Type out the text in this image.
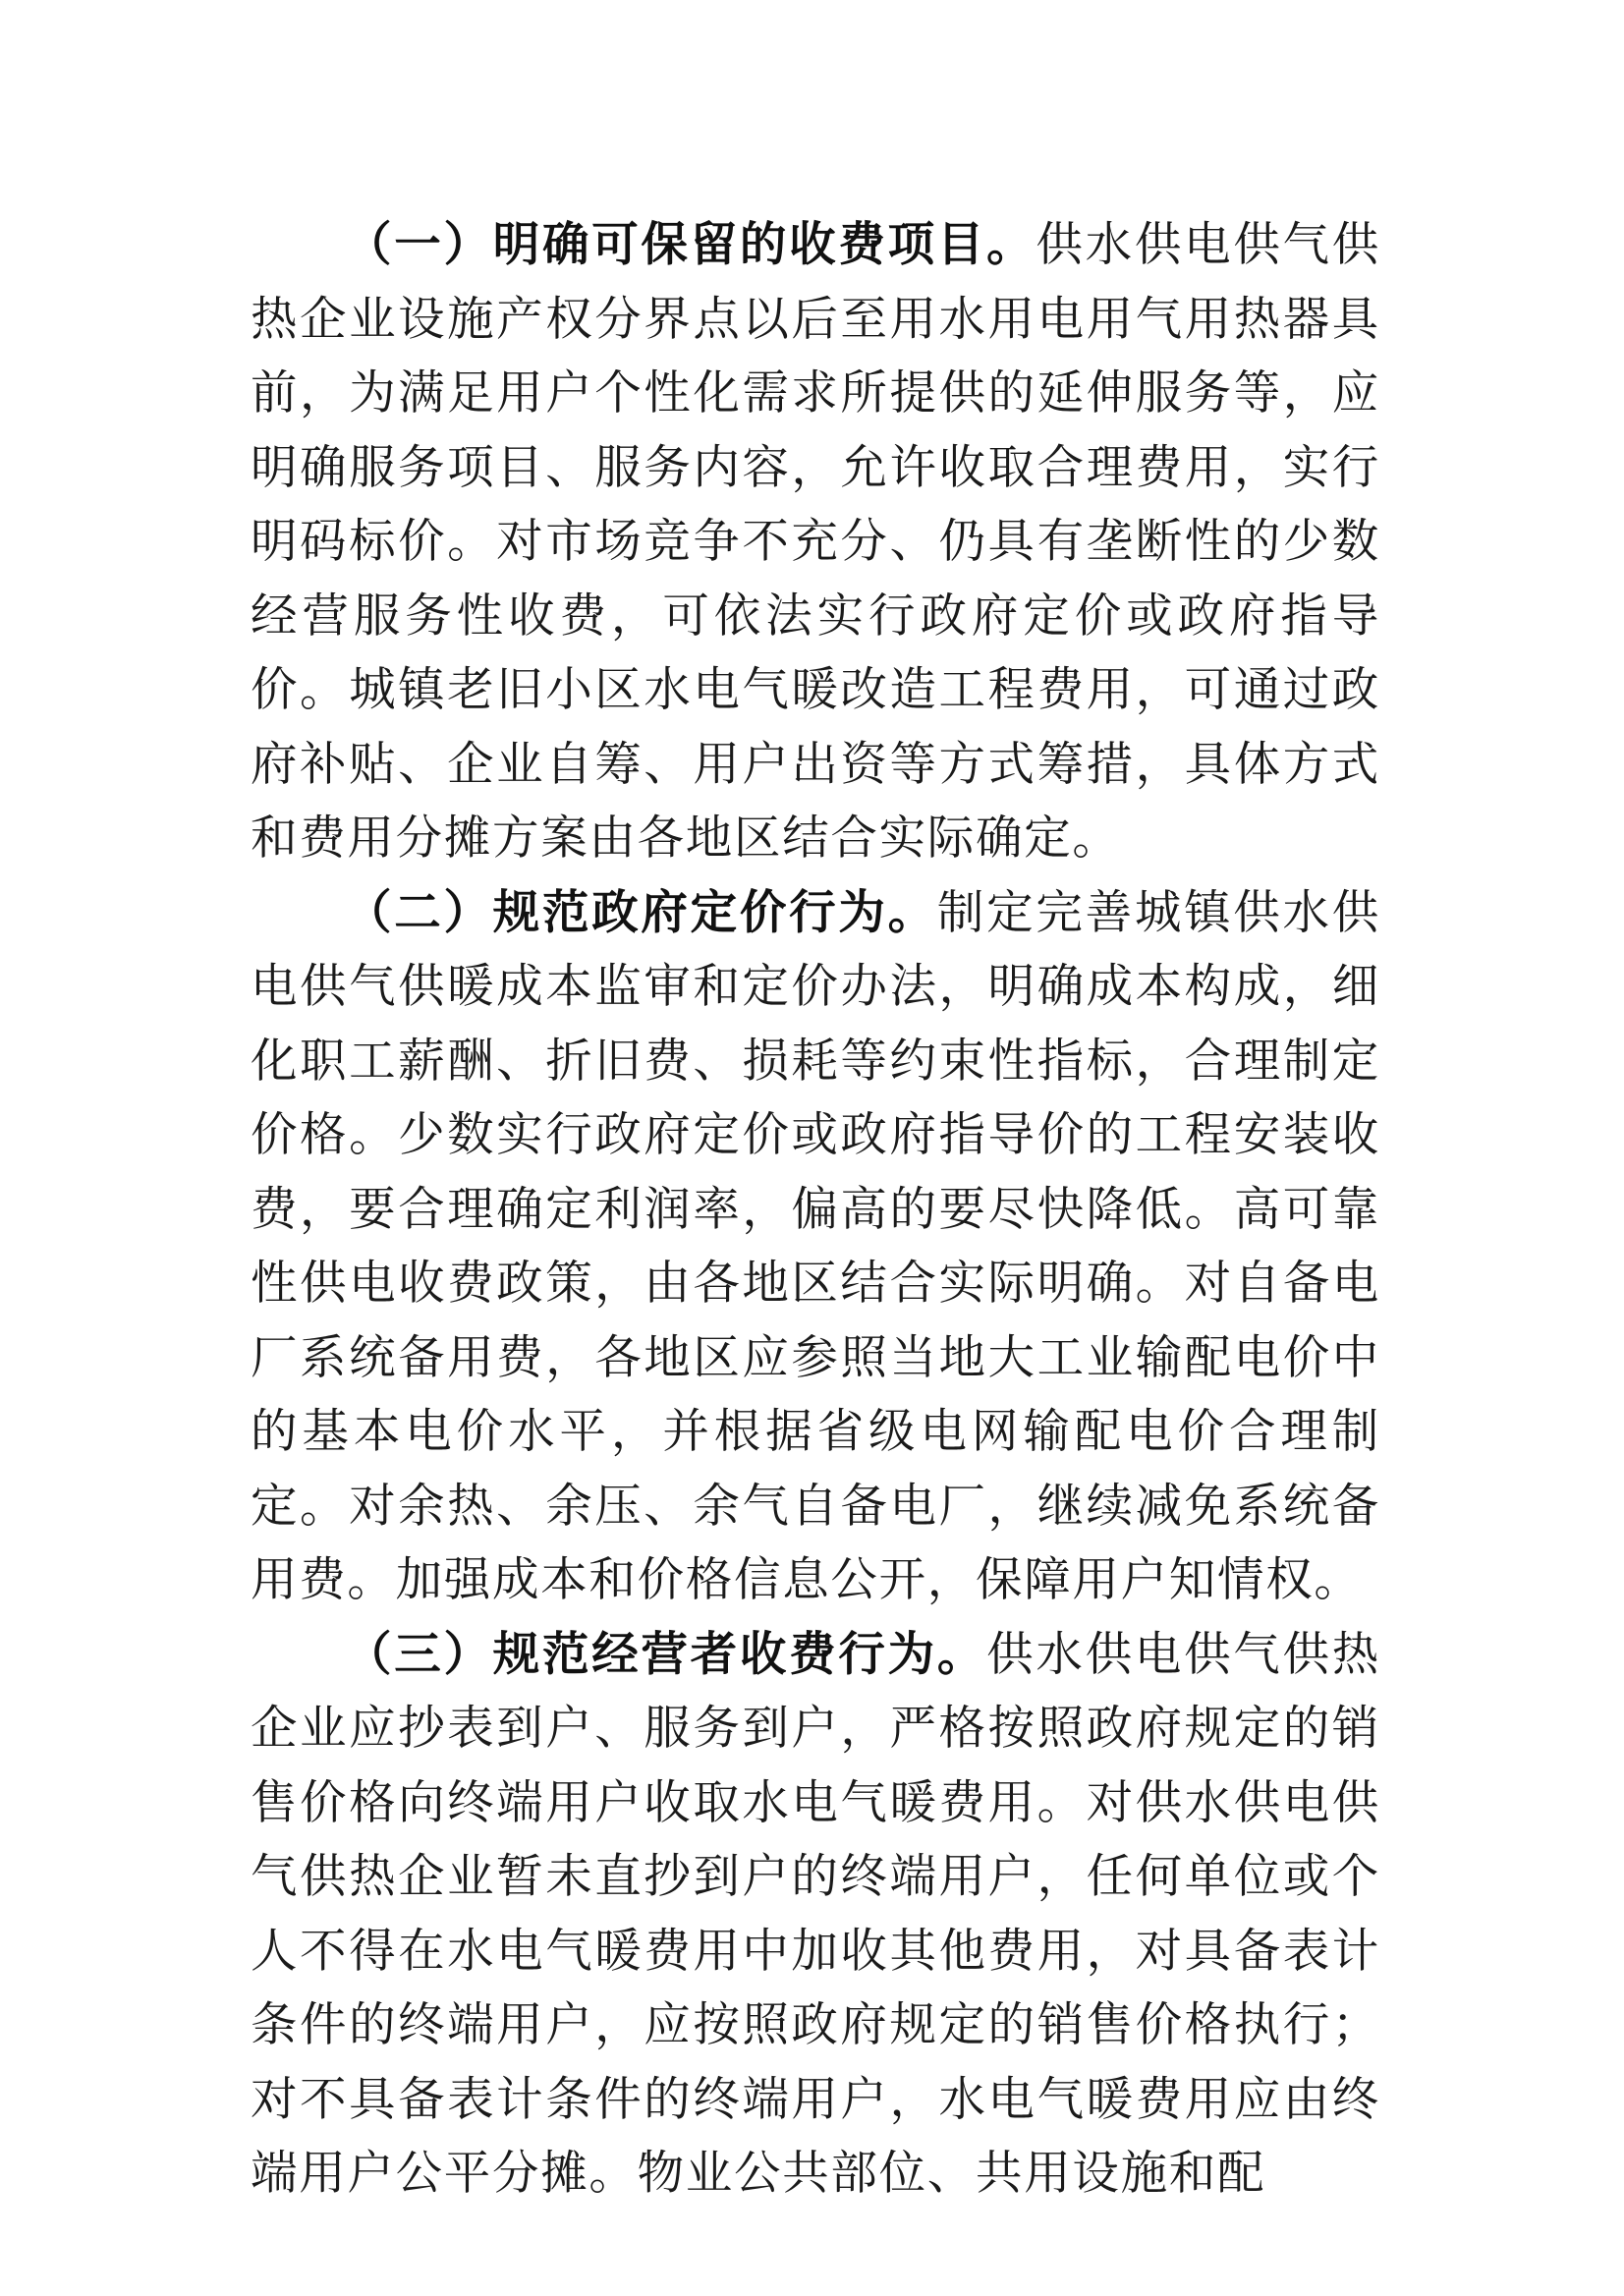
（一）明确可保留的收费项目。供水供电供气供热企业设施产权分界点以后至用水用电用气用热器具前，为满足用户个性化需求所提供的延伸服务等，应明确服务项目、服务内容，允许收取合理费用，实行明码标价。对市场竞争不充分、仍具有垄断性的少数经营服务性收费，可依法实行政府定价或政府指导价。城镇老旧小区水电气暖改造工程费用，可通过政府补贴、企业自筹、用户出资等方式筹措，具体方式和费用分摊方案由各地区结合实际确定。

（二）规范政府定价行为。制定完善城镇供水供电供气供暖成本监审和定价办法，明确成本构成，细化职工薪酬、折旧费、损耗等约束性指标，合理制定价格。少数实行政府定价或政府指导价的工程安装收费，要合理确定利润率，偏高的要尽快降低。高可靠性供电收费政策，由各地区结合实际明确。对自备电厂系统备用费，各地区应参照当地大工业输配电价中的基本电价水平，并根据省级电网输配电价合理制定。对余热、余压、余气自备电厂，继续减免系统备用费。加强成本和价格信息公开，保障用户知情权。

（三）规范经营者收费行为。供水供电供气供热企业应抄表到户、服务到户，严格按照政府规定的销售价格向终端用户收取水电气暖费用。对供水供电供气供热企业暂未直抄到户的终端用户，任何单位或个人不得在水电气暖费用中加收其他费用，对具备表计条件的终端用户，应按照政府规定的销售价格执行；对不具备表计条件的终端用户，水电气暖费用应由终端用户公平分摊。物业公共部位、共用设施和配
